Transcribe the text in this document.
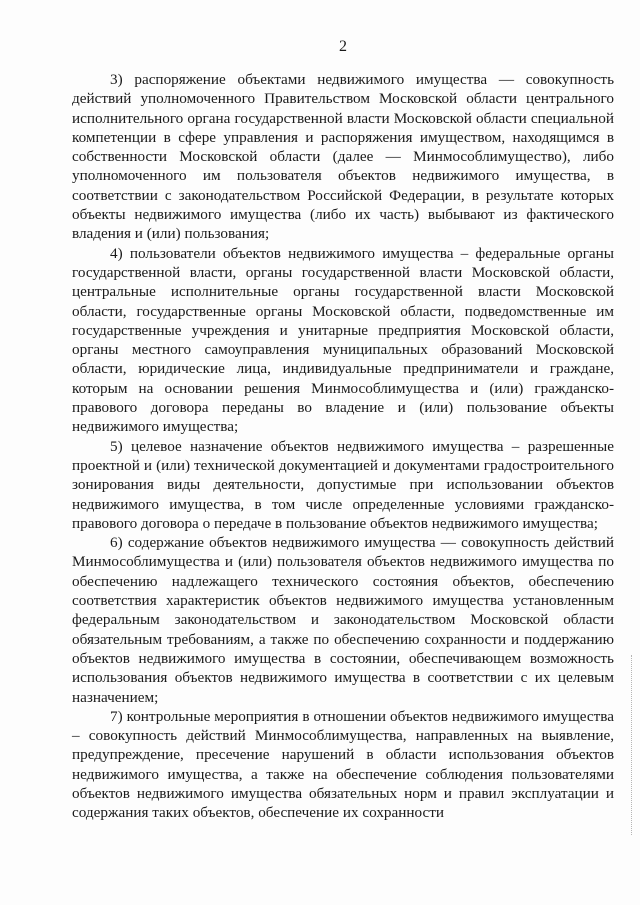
2

3) распоряжение объектами недвижимого имущества — совокупность действий уполномоченного Правительством Московской области центрального исполнительного органа государственной власти Московской области специальной компетенции в сфере управления и распоряжения имуществом, находящимся в собственности Московской области (далее — Минмособлимущество), либо уполномоченного им пользователя объектов недвижимого имущества, в соответствии с законодательством Российской Федерации, в результате которых объекты недвижимого имущества (либо их часть) выбывают из фактического владения и (или) пользования;

4) пользователи объектов недвижимого имущества – федеральные органы государственной власти, органы государственной власти Московской области, центральные исполнительные органы государственной власти Московской области, государственные органы Московской области, подведомственные им государственные учреждения и унитарные предприятия Московской области, органы местного самоуправления муниципальных образований Московской области, юридические лица, индивидуальные предприниматели и граждане, которым на основании решения Минмособлимущества и (или) гражданско-правового договора переданы во владение и (или) пользование объекты недвижимого имущества;

5) целевое назначение объектов недвижимого имущества – разрешенные проектной и (или) технической документацией и документами градостроительного зонирования виды деятельности, допустимые при использовании объектов недвижимого имущества, в том числе определенные условиями гражданско-правового договора о передаче в пользование объектов недвижимого имущества;

6) содержание объектов недвижимого имущества — совокупность действий Минмособлимущества и (или) пользователя объектов недвижимого имущества по обеспечению надлежащего технического состояния объектов, обеспечению соответствия характеристик объектов недвижимого имущества установленным федеральным законодательством и законодательством Московской области обязательным требованиям, а также по обеспечению сохранности и поддержанию объектов недвижимого имущества в состоянии, обеспечивающем возможность использования объектов недвижимого имущества в соответствии с их целевым назначением;

7) контрольные мероприятия в отношении объектов недвижимого имущества – совокупность действий Минмособлимущества, направленных на выявление, предупреждение, пресечение нарушений в области использования объектов недвижимого имущества, а также на обеспечение соблюдения пользователями объектов недвижимого имущества обязательных норм и правил эксплуатации и содержания таких объектов, обеспечение их сохранности
